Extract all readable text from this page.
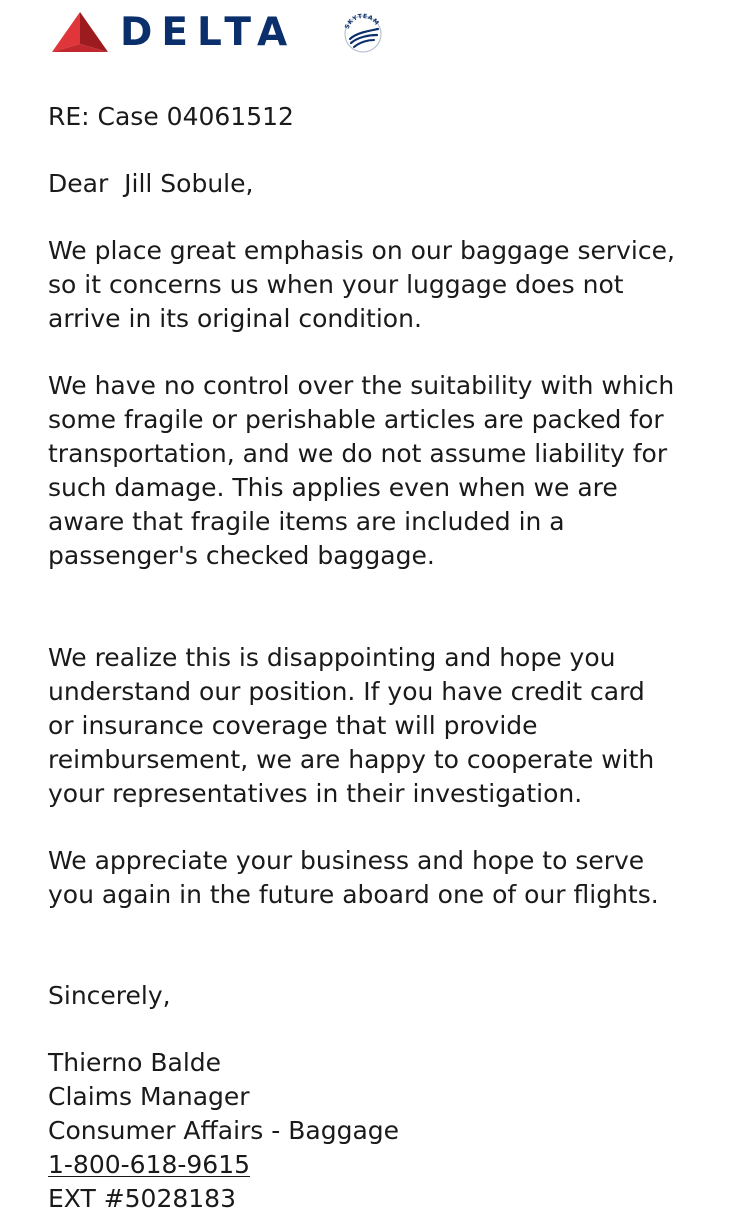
DELTA	SKYTEAM

RE: Case 04061512

Dear  Jill Sobule,

We place great emphasis on our baggage service,
so it concerns us when your luggage does not
arrive in its original condition.

We have no control over the suitability with which
some fragile or perishable articles are packed for
transportation, and we do not assume liability for
such damage. This applies even when we are
aware that fragile items are included in a
passenger's checked baggage.

We realize this is disappointing and hope you
understand our position. If you have credit card
or insurance coverage that will provide
reimbursement, we are happy to cooperate with
your representatives in their investigation.

We appreciate your business and hope to serve
you again in the future aboard one of our flights.

Sincerely,

Thierno Balde
Claims Manager
Consumer Affairs - Baggage
1-800-618-9615
EXT #5028183
